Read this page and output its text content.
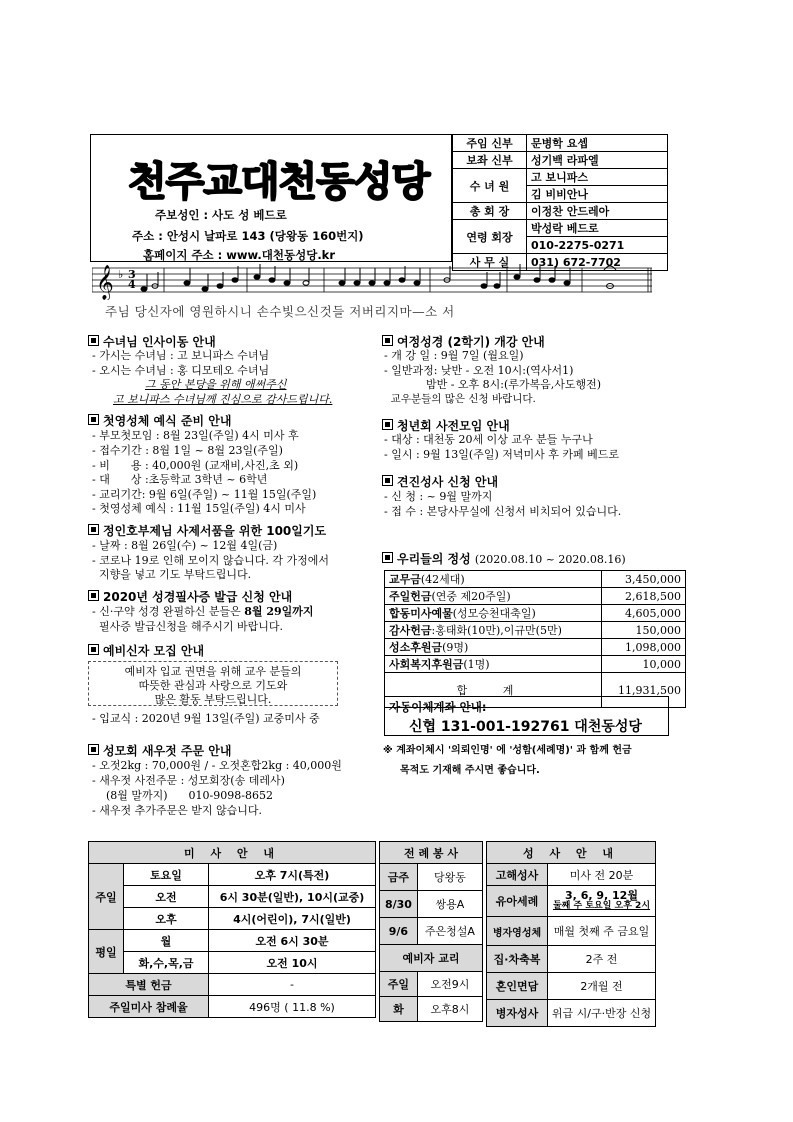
천주교대천동성당
주보성인 : 사도 성 베드로
주소 : 안성시 날파로 143 (당왕동 160번지)
홈페이지 주소 : www.대천동성당.kr
주임 신부	문병학 요셉
보좌 신부	성기백 라파엘
수 녀 원	고 보니파스
	김 비비안나
총 회 장	이정찬 안드레아
연령 회장	박성락 베드로
	010-2275-0271
사 무 실	031) 672-7702
𝄞 ♭ 3
4
주님 당신자에 영원하시니 손수빛으신것들 저버리지마—소 서
수녀님 인사이동 안내
- 가시는 수녀님 : 고 보니파스 수녀님
- 오시는 수녀님 : 홍 디모테오 수녀님
그 동안 본당을 위해 애써주신
고 보니파스 수녀님께 진심으로 감사드립니다.
첫영성체 예식 준비 안내
- 부모첫모임 : 8월 23일(주일) 4시 미사 후
- 접수기간 : 8월 1일 ~ 8월 23일(주일)
- 비      용 : 40,000원 (교재비,사진,초 외)
- 대      상 :초등학교 3학년 ~ 6학년
- 교리기간: 9월 6일(주일) ~ 11월 15일(주일)
- 첫영성체 예식 : 11월 15일(주일) 4시 미사
정인호부제님 사제서품을 위한 100일기도
- 날짜 : 8월 26일(수) ~ 12월 4일(금)
- 코로나 19로 인해 모이지 않습니다. 각 가정에서
지향을 넣고 기도 부탁드립니다.
2020년 성경필사증 발급 신청 안내
- 신·구약 성경 완필하신 분들은 8월 29일까지
필사증 발급신청을 해주시기 바랍니다.
예비신자 모집 안내
예비자 입교 권면을 위해 교우 분들의
따뜻한 관심과 사랑으로 기도와
많은 활동 부탁드립니다.
- 입교식 : 2020년 9월 13일(주일) 교중미사 중
성모회 새우젓 주문 안내
- 오젓2kg : 70,000원 / - 오젓혼합2kg : 40,000원
- 새우젓 사전주문 : 성모회장(송 데레사)
(8월 말까지)      010-9098-8652
- 새우젓 추가주문은 받지 않습니다.
여정성경 (2학기) 개강 안내
- 개 강 일 : 9월 7일 (월요일)
- 일반과정: 낮반 - 오전 10시:(역사서1)
밤반 - 오후 8시:(루가복음,사도행전)
교우분들의 많은 신청 바랍니다.
청년회 사전모임 안내
- 대상 : 대천동 20세 이상 교우 분들 누구나
- 일시 : 9월 13일(주일) 저녁미사 후 카페 베드로
견진성사 신청 안내
- 신 청 : ~ 9월 말까지
- 접 수 : 본당사무실에 신청서 비치되어 있습니다.
우리들의 정성 (2020.08.10 ~ 2020.08.16)
교무금(42세대)	3,450,000
주일헌금(연중 제20주일)	2,618,500
합동미사예물(성모승천대축일)	4,605,000
감사헌금:홍태화(10만),이규만(5만)	150,000
성소후원금(9명)	1,098,000
사회복지후원금(1명)	10,000
합 계	11,931,500
자동이체계좌 안내:
신협 131-001-192761 대천동성당
※ 계좌이체시 '의뢰인명' 에 '성함(세례명)' 과 함께 헌금
목적도 기재해 주시면 좋습니다.
미 사 안 내		
주일	토요일	오후 7시(특전)
	오전	6시 30분(일반), 10시(교중)
	오후	4시(어린이), 7시(일반)
평일	월	오전 6시 30분
	화,수,목,금	오전 10시
특별 헌금		-
주일미사 참례율		496명 ( 11.8 %)
전 례 봉 사	
금주	당왕동
8/30	쌍용A
9/6	주은청설A
예비자 교리	
주일	오전9시
화	오후8시
성 사 안 내	
고해성사	미사 전 20분
유아세례	3, 6, 9, 12월
둘째 주 토요일 오후 2시

병자영성체	매월 첫째 주 금요일
집·차축복	2주 전
혼인면담	2개월 전
병자성사	위급 시/구·반장 신청
